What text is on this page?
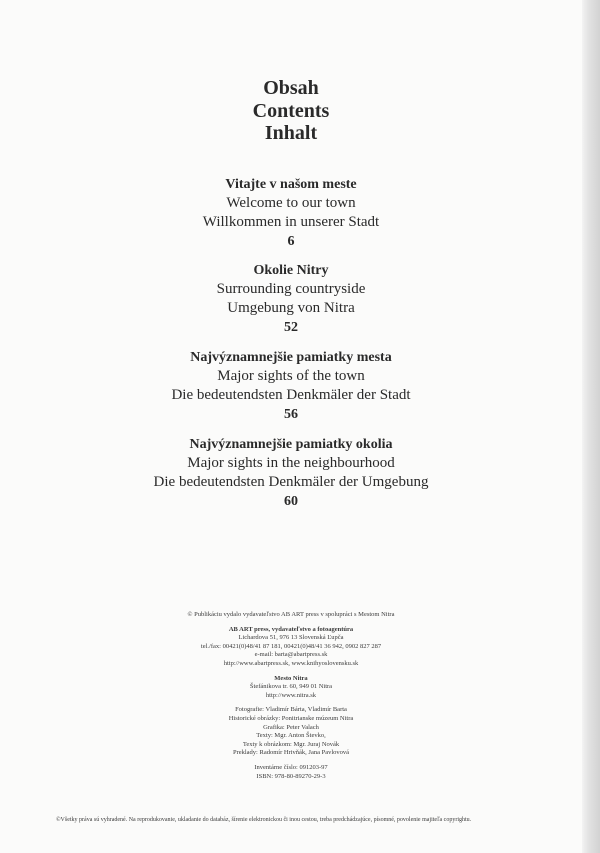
Obsah
Contents
Inhalt
Vitajte v našom meste
Welcome to our town
Willkommen in unserer Stadt
6
Okolie Nitry
Surrounding countryside
Umgebung von Nitra
52
Najvýznamnejšie pamiatky mesta
Major sights of the town
Die bedeutendsten Denkmäler der Stadt
56
Najvýznamnejšie pamiatky okolia
Major sights in the neighbourhood
Die bedeutendsten Denkmäler der Umgebung
60
© Publikáciu vydalo vydavateľstvo AB ART press v spolupráci s Mestom Nitra
AB ART press, vydavateľstvo a fotoagentúra
Lichardova 51, 976 13 Slovenská Ľupča
tel./fax: 00421(0)48/41 87 181, 00421(0)48/41 36 942, 0902 827 287
e-mail: barta@abartpress.sk
http://www.abartpress.sk, www.knihyoslovensku.sk
Mesto Nitra
Štefánikova tr. 60, 949 01 Nitra
http://www.nitra.sk
Fotografie: Vladimír Bárta, Vladimír Barta
Historické obrázky: Ponitrianske múzeum Nitra
Grafika: Peter Valach
Texty: Mgr. Anton Števko,
Texty k obrázkom: Mgr. Juraj Novák
Preklady: Radomír Hrivňák, Jana Pavlovová
Inventárne číslo: 091203-97
ISBN: 978-80-89270-29-3
©Všetky práva sú vyhradené. Na reprodukovanie, ukladanie do databáz, šírenie elektronickou či inou cestou, treba predchádzajúce, písomné, povolenie majiteľa copyrightu.
